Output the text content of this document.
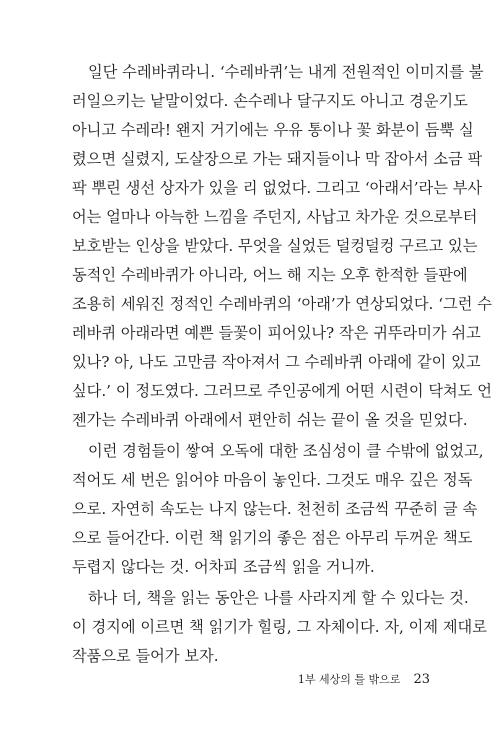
일단 수레바퀴라니. ‘수레바퀴’는 내게 전원적인 이미지를 불
러일으키는 낱말이었다. 손수레나 달구지도 아니고 경운기도
아니고 수레라! 왠지 거기에는 우유 통이나 꽃 화분이 듬뿍 실
렸으면 실렸지, 도살장으로 가는 돼지들이나 막 잡아서 소금 팍
팍 뿌린 생선 상자가 있을 리 없었다. 그리고 ‘아래서’라는 부사
어는 얼마나 아늑한 느낌을 주던지, 사납고 차가운 것으로부터
보호받는 인상을 받았다. 무엇을 실었든 덜컹덜컹 구르고 있는
동적인 수레바퀴가 아니라, 어느 해 지는 오후 한적한 들판에
조용히 세워진 정적인 수레바퀴의 ‘아래’가 연상되었다. ‘그런 수
레바퀴 아래라면 예쁜 들꽃이 피어있나? 작은 귀뚜라미가 쉬고
있나? 아, 나도 고만큼 작아져서 그 수레바퀴 아래에 같이 있고
싶다.’ 이 정도였다. 그러므로 주인공에게 어떤 시련이 닥쳐도 언
젠가는 수레바퀴 아래에서 편안히 쉬는 끝이 올 것을 믿었다.
이런 경험들이 쌓여 오독에 대한 조심성이 클 수밖에 없었고,
적어도 세 번은 읽어야 마음이 놓인다. 그것도 매우 깊은 정독
으로. 자연히 속도는 나지 않는다. 천천히 조금씩 꾸준히 글 속
으로 들어간다. 이런 책 읽기의 좋은 점은 아무리 두꺼운 책도
두렵지 않다는 것. 어차피 조금씩 읽을 거니까.
하나 더, 책을 읽는 동안은 나를 사라지게 할 수 있다는 것.
이 경지에 이르면 책 읽기가 힐링, 그 자체이다. 자, 이제 제대로
작품으로 들어가 보자.
1부 세상의 틀 밖으로 23
